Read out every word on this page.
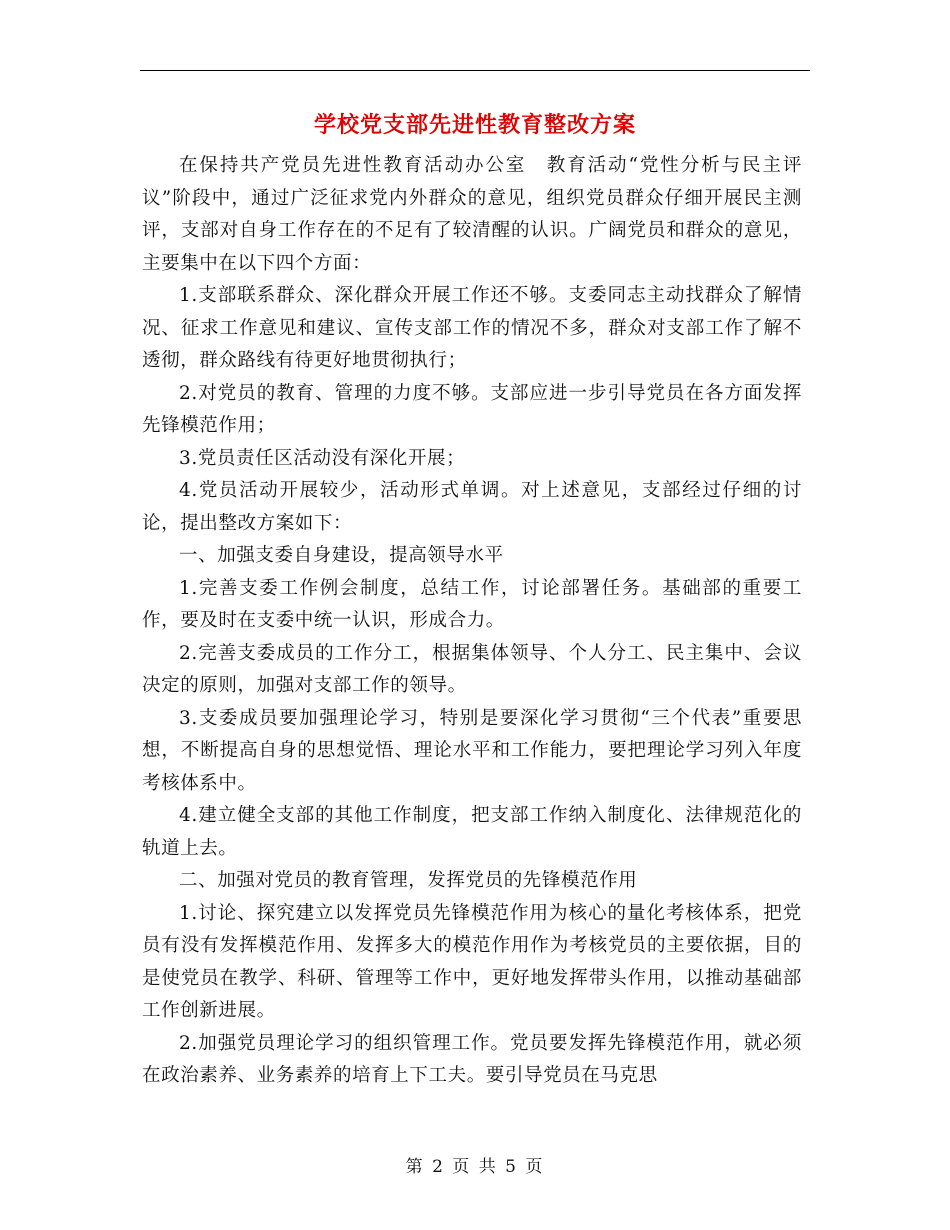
学校党支部先进性教育整改方案

在保持共产党员先进性教育活动办公室　教育活动“党性分析与民主评议”阶段中，通过广泛征求党内外群众的意见，组织党员群众仔细开展民主测评，支部对自身工作存在的不足有了较清醒的认识。广阔党员和群众的意见，主要集中在以下四个方面：

1.支部联系群众、深化群众开展工作还不够。支委同志主动找群众了解情况、征求工作意见和建议、宣传支部工作的情况不多，群众对支部工作了解不透彻，群众路线有待更好地贯彻执行；

2.对党员的教育、管理的力度不够。支部应进一步引导党员在各方面发挥先锋模范作用；

3.党员责任区活动没有深化开展；

4.党员活动开展较少，活动形式单调。对上述意见，支部经过仔细的讨论，提出整改方案如下：

一、加强支委自身建设，提高领导水平

1.完善支委工作例会制度，总结工作，讨论部署任务。基础部的重要工作，要及时在支委中统一认识，形成合力。

2.完善支委成员的工作分工，根据集体领导、个人分工、民主集中、会议决定的原则，加强对支部工作的领导。

3.支委成员要加强理论学习，特别是要深化学习贯彻“三个代表”重要思想，不断提高自身的思想觉悟、理论水平和工作能力，要把理论学习列入年度考核体系中。

4.建立健全支部的其他工作制度，把支部工作纳入制度化、法律规范化的轨道上去。

二、加强对党员的教育管理，发挥党员的先锋模范作用

1.讨论、探究建立以发挥党员先锋模范作用为核心的量化考核体系，把党员有没有发挥模范作用、发挥多大的模范作用作为考核党员的主要依据，目的是使党员在教学、科研、管理等工作中，更好地发挥带头作用，以推动基础部工作创新进展。

2.加强党员理论学习的组织管理工作。党员要发挥先锋模范作用，就必须在政治素养、业务素养的培育上下工夫。要引导党员在马克思

第 2 页 共 5 页
